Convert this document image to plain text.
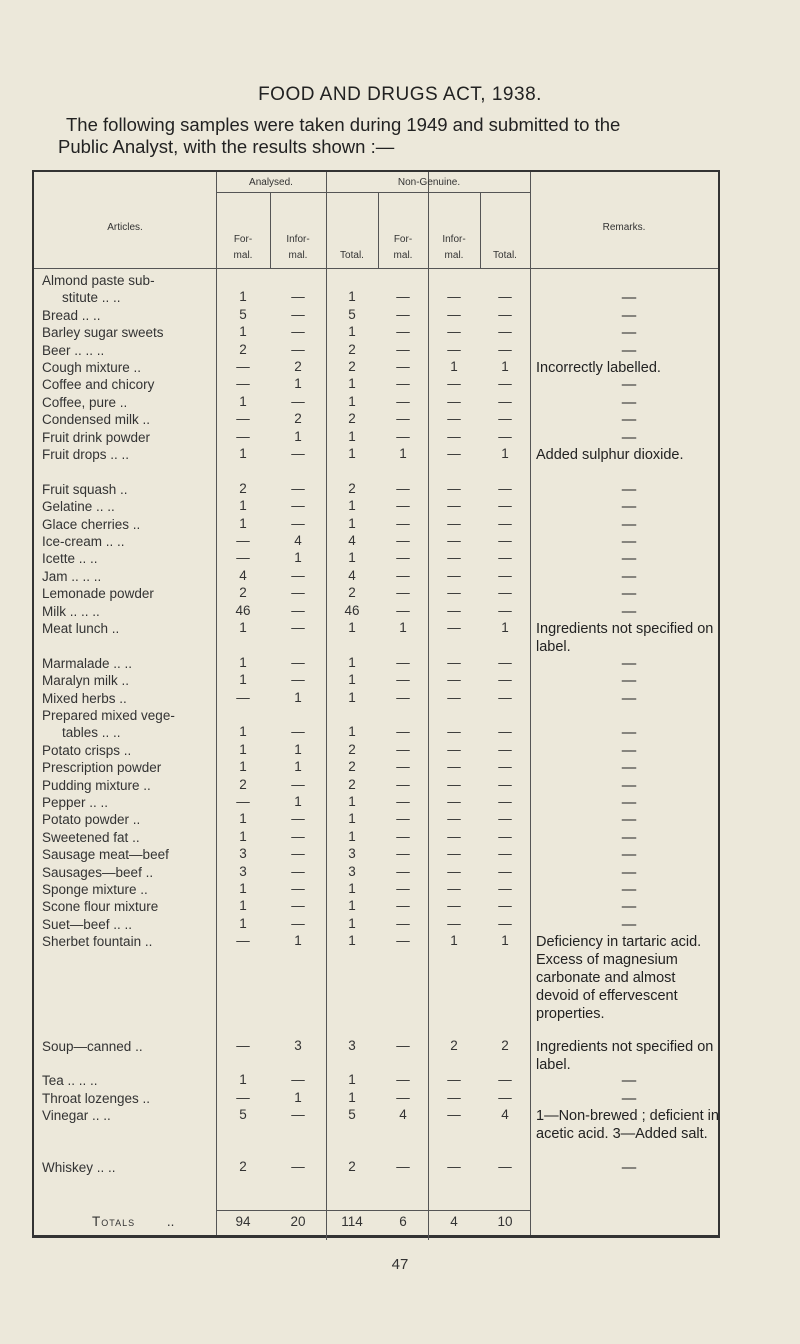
FOOD AND DRUGS ACT, 1938.
The following samples were taken during 1949 and submitted to the
Public Analyst, with the results shown :—
Articles.
Analysed.	Non-Genuine.
Remarks.
For-
mal.
Infor-
mal.	Total.
For-
mal.
Infor-
mal.	Total.
Almond paste sub-
stitute .. ..	1	—	1	—	—	—	—
Bread .. ..	5	—	5	—	—	—	—
Barley sugar sweets	1	—	1	—	—	—	—
Beer .. .. ..	2	—	2	—	—	—	—
Cough mixture ..	—	2	2	—	1	1	Incorrectly labelled.
Coffee and chicory	—	1	1	—	—	—	—
Coffee, pure ..	1	—	1	—	—	—	—
Condensed milk ..	—	2	2	—	—	—	—
Fruit drink powder	—	1	1	—	—	—	—
Fruit drops .. ..	1	—	1	1	—	1	Added sulphur dioxide.
Fruit squash ..	2	—	2	—	—	—	—
Gelatine .. ..	1	—	1	—	—	—	—
Glace cherries ..	1	—	1	—	—	—	—
Ice-cream .. ..	—	4	4	—	—	—	—
Icette .. ..	—	1	1	—	—	—	—
Jam .. .. ..	4	—	4	—	—	—	—
Lemonade powder	2	—	2	—	—	—	—
Milk .. .. ..	46	—	46	—	—	—	—
Meat lunch ..	1	—	1	1	—	1	Ingredients not specified on label.
Marmalade .. ..	1	—	1	—	—	—	—
Maralyn milk ..	1	—	1	—	—	—	—
Mixed herbs ..	—	1	1	—	—	—	—
Prepared mixed vege-
tables .. ..	1	—	1	—	—	—	—
Potato crisps ..	1	1	2	—	—	—	—
Prescription powder	1	1	2	—	—	—	—
Pudding mixture ..	2	—	2	—	—	—	—
Pepper .. ..	—	1	1	—	—	—	—
Potato powder ..	1	—	1	—	—	—	—
Sweetened fat ..	1	—	1	—	—	—	—
Sausage meat—beef	3	—	3	—	—	—	—
Sausages—beef ..	3	—	3	—	—	—	—
Sponge mixture ..	1	—	1	—	—	—	—
Scone flour mixture	1	—	1	—	—	—	—
Suet—beef .. ..	1	—	1	—	—	—	—
Sherbet fountain ..	—	1	1	—	1	1	Deficiency in tartaric acid. Excess of magnesium carbonate and almost devoid of effervescent properties.
Soup—canned ..	—	3	3	—	2	2	Ingredients not specified on label.
Tea .. .. ..	1	—	1	—	—	—	—
Throat lozenges ..	—	1	1	—	—	—	—
Vinegar .. ..	5	—	5	4	—	4	1—Non-brewed ; deficient in acetic acid. 3—Added salt.
Whiskey .. ..	2	—	2	—	—	—	—
Totals ..	94	20	114	6	4	10
47
